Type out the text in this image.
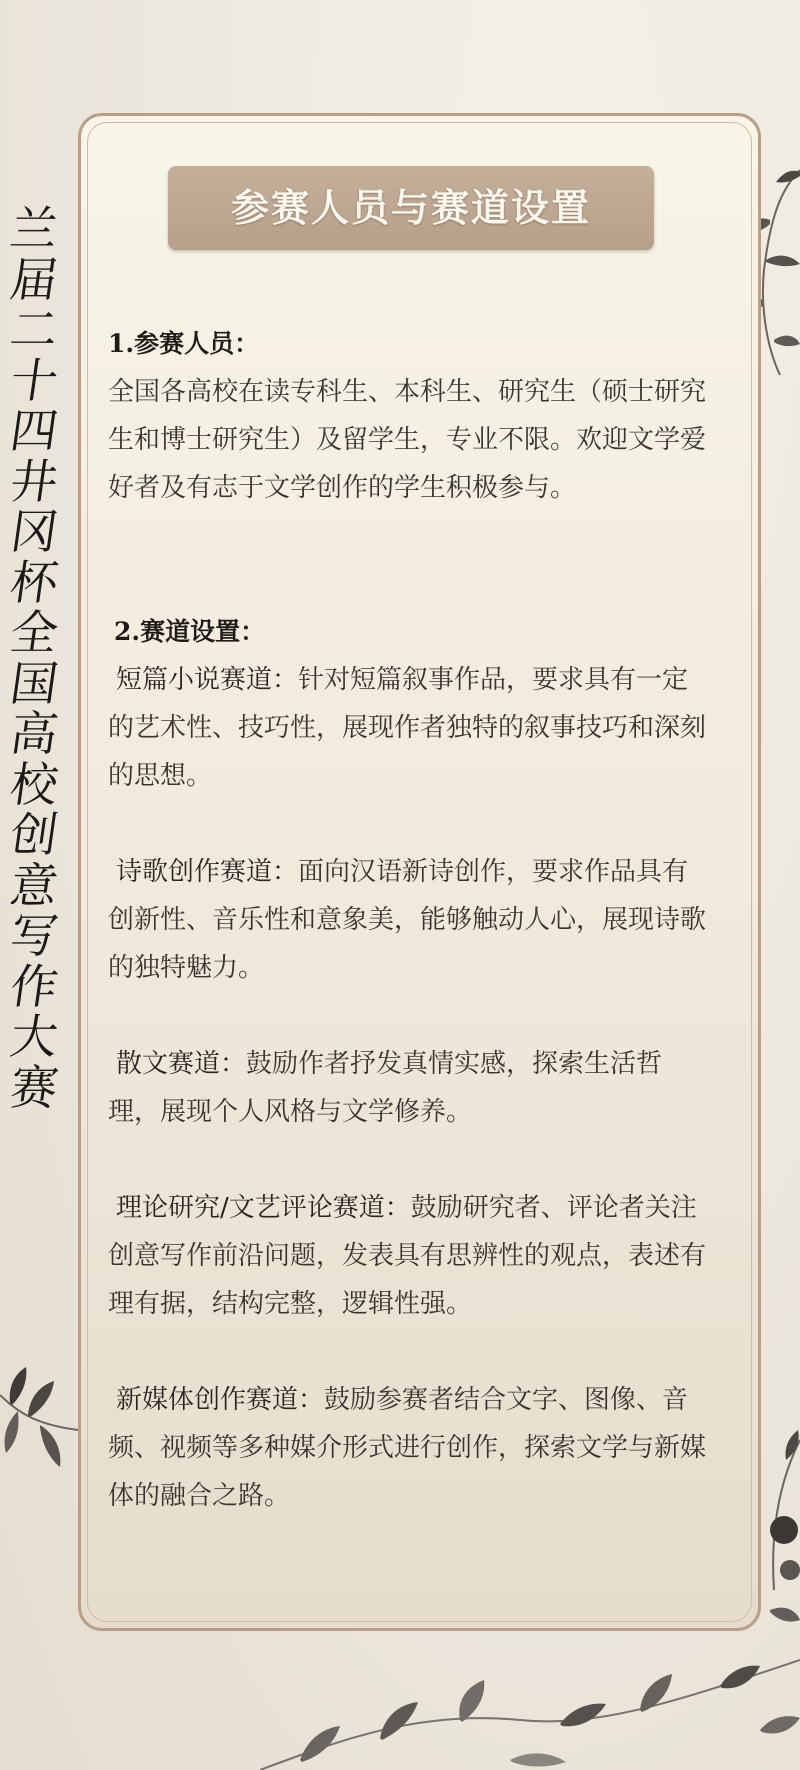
兰
届
二
十
四
井
冈
杯
全
国
高
校
创
意
写
作
大
赛
参赛人员与赛道设置
1.参赛人员：

全国各高校在读专科生、本科生、研究生（硕士研究生和博士研究生）及留学生，专业不限。欢迎文学爱好者及有志于文学创作的学生积极参与。

2.赛道设置：
短篇小说赛道：针对短篇叙事作品，要求具有一定的艺术性、技巧性，展现作者独特的叙事技巧和深刻的思想。
诗歌创作赛道：面向汉语新诗创作，要求作品具有创新性、音乐性和意象美，能够触动人心，展现诗歌的独特魅力。
散文赛道：鼓励作者抒发真情实感，探索生活哲理，展现个人风格与文学修养。
理论研究/文艺评论赛道：鼓励研究者、评论者关注创意写作前沿问题，发表具有思辨性的观点，表述有理有据，结构完整，逻辑性强。
新媒体创作赛道：鼓励参赛者结合文字、图像、音频、视频等多种媒介形式进行创作，探索文学与新媒体的融合之路。
